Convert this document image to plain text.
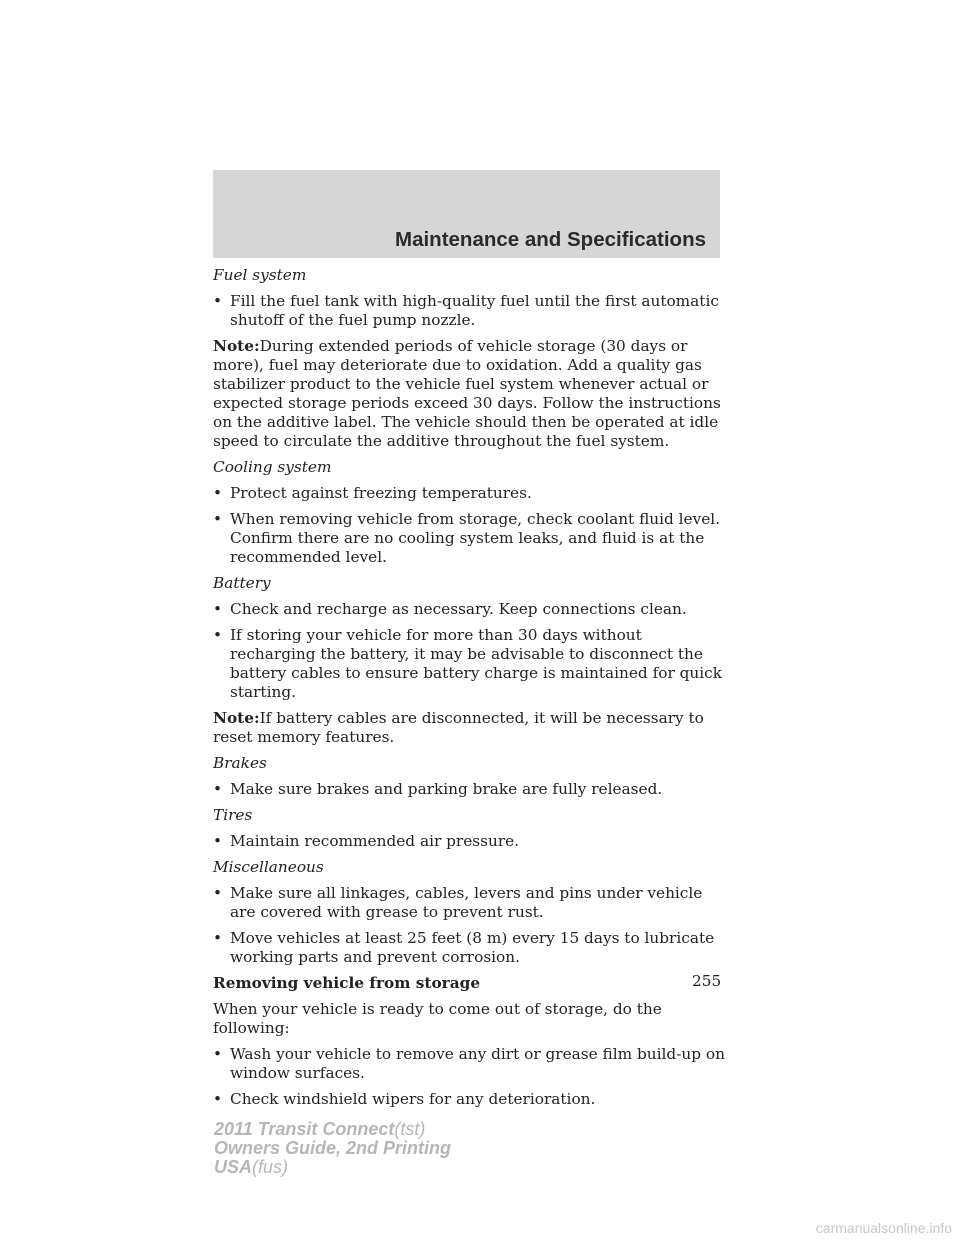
Maintenance and Specifications

Fuel system

• Fill the fuel tank with high-quality fuel until the first automatic shutoff of the fuel pump nozzle.

Note:During extended periods of vehicle storage (30 days or more), fuel may deteriorate due to oxidation. Add a quality gas stabilizer product to the vehicle fuel system whenever actual or expected storage periods exceed 30 days. Follow the instructions on the additive label. The vehicle should then be operated at idle speed to circulate the additive throughout the fuel system.

Cooling system

• Protect against freezing temperatures.
• When removing vehicle from storage, check coolant fluid level. Confirm there are no cooling system leaks, and fluid is at the recommended level.

Battery

• Check and recharge as necessary. Keep connections clean.
• If storing your vehicle for more than 30 days without recharging the battery, it may be advisable to disconnect the battery cables to ensure battery charge is maintained for quick starting.

Note:If battery cables are disconnected, it will be necessary to reset memory features.

Brakes

• Make sure brakes and parking brake are fully released.

Tires

• Maintain recommended air pressure.

Miscellaneous

• Make sure all linkages, cables, levers and pins under vehicle are covered with grease to prevent rust.
• Move vehicles at least 25 feet (8 m) every 15 days to lubricate working parts and prevent corrosion.

Removing vehicle from storage

When your vehicle is ready to come out of storage, do the following:

• Wash your vehicle to remove any dirt or grease film build-up on window surfaces.
• Check windshield wipers for any deterioration.
255
2011 Transit Connect(tst)
Owners Guide, 2nd Printing
USA(fus)
carmanualsonline.info
